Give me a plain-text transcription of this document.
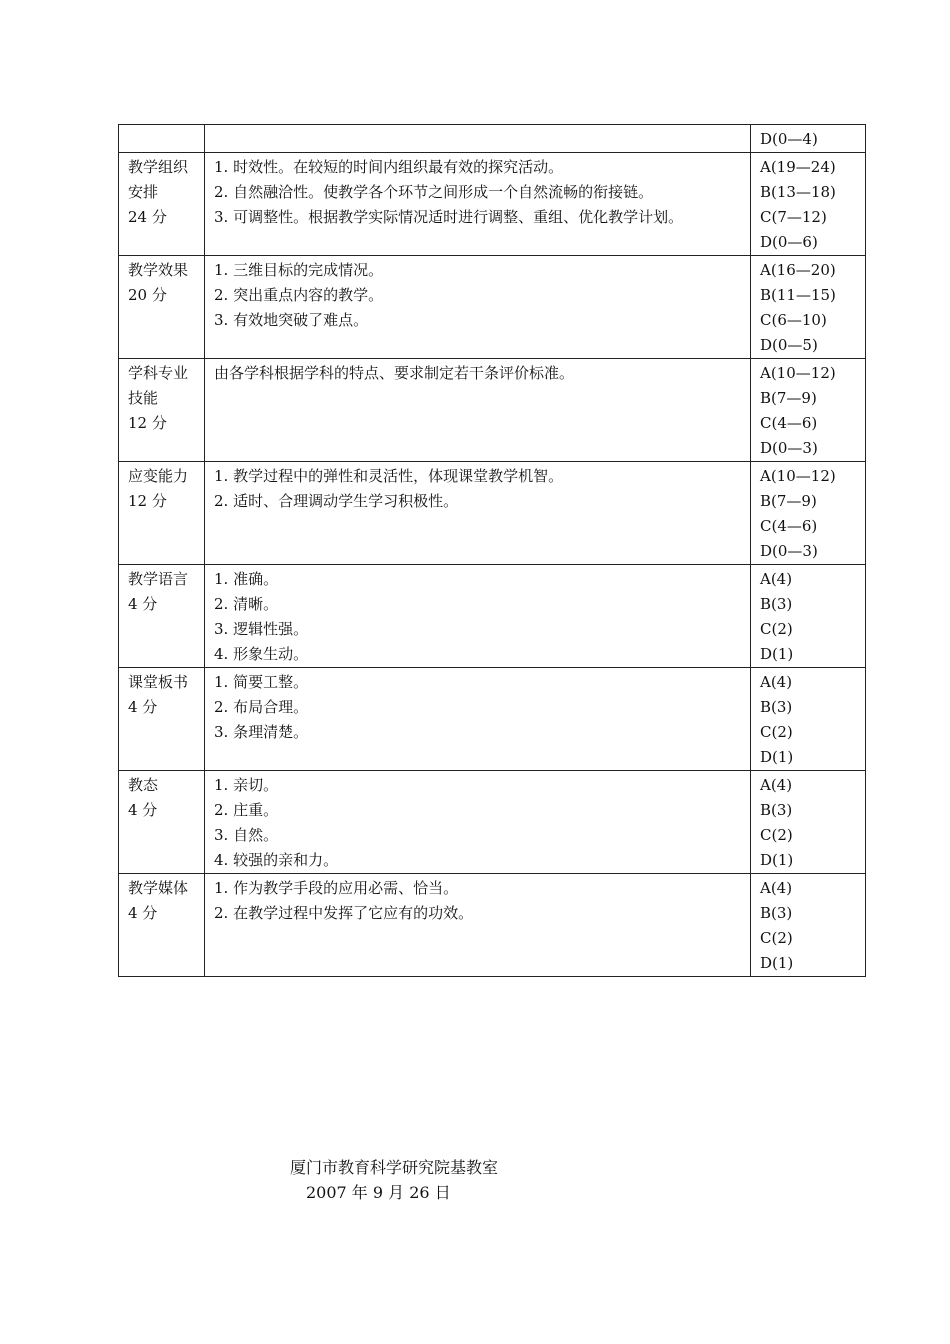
		D(0—4)

教学组织
安排
24 分	1. 时效性。在较短的时间内组织最有效的探究活动。
2. 自然融洽性。使教学各个环节之间形成一个自然流畅的衔接链。
3. 可调整性。根据教学实际情况适时进行调整、重组、优化教学计划。	A(19—24)
B(13—18)
C(7—12)
D(0—6)

教学效果
20 分	1. 三维目标的完成情况。
2. 突出重点内容的教学。
3. 有效地突破了难点。	A(16—20)
B(11—15)
C(6—10)
D(0—5)

学科专业
技能
12 分	由各学科根据学科的特点、要求制定若干条评价标准。	A(10—12)
B(7—9)
C(4—6)
D(0—3)

应变能力
12 分	1. 教学过程中的弹性和灵活性，体现课堂教学机智。
2. 适时、合理调动学生学习积极性。	A(10—12)
B(7—9)
C(4—6)
D(0—3)

教学语言
4 分	1. 准确。
2. 清晰。
3. 逻辑性强。
4. 形象生动。	A(4)
B(3)
C(2)
D(1)

课堂板书
4 分	1. 简要工整。
2. 布局合理。
3. 条理清楚。	A(4)
B(3)
C(2)
D(1)

教态
4 分	1. 亲切。
2. 庄重。
3. 自然。
4. 较强的亲和力。	A(4)
B(3)
C(2)
D(1)

教学媒体
4 分	1. 作为教学手段的应用必需、恰当。
2. 在教学过程中发挥了它应有的功效。	A(4)
B(3)
C(2)
D(1)
厦门市教育科学研究院基教室
2007 年 9 月 26 日
